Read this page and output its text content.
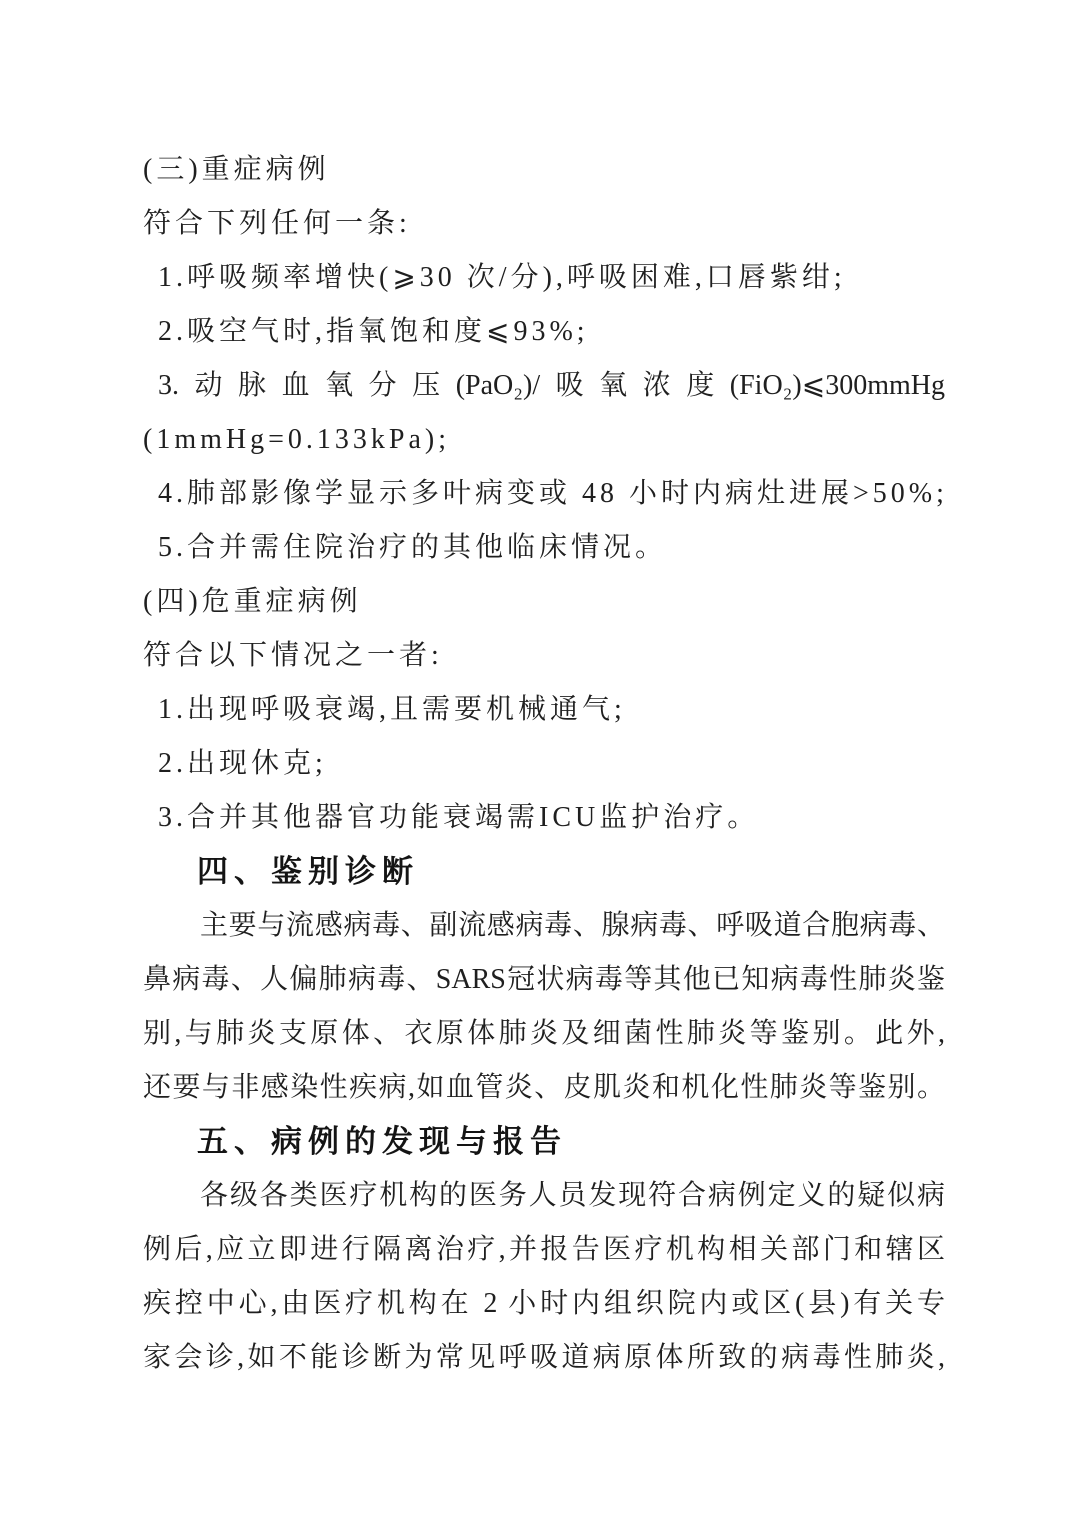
(三)重症病例
符合下列任何一条:
1.呼吸频率增快(⩾30 次/分),呼吸困难,口唇紫绀;
2.吸空气时,指氧饱和度⩽93%;
3.动脉血氧分压(PaO₂)/吸氧浓度(FiO₂)⩽300mmHg
(1mmHg=0.133kPa);
4.肺部影像学显示多叶病变或 48 小时内病灶进展>50%;
5.合并需住院治疗的其他临床情况。
(四)危重症病例
符合以下情况之一者:
1.出现呼吸衰竭,且需要机械通气;
2.出现休克;
3.合并其他器官功能衰竭需ICU监护治疗。
四、鉴别诊断
主要与流感病毒、副流感病毒、腺病毒、呼吸道合胞病毒、
鼻病毒、人偏肺病毒、SARS冠状病毒等其他已知病毒性肺炎鉴
别,与肺炎支原体、衣原体肺炎及细菌性肺炎等鉴别。此外,
还要与非感染性疾病,如血管炎、皮肌炎和机化性肺炎等鉴别。
五、病例的发现与报告
各级各类医疗机构的医务人员发现符合病例定义的疑似病
例后,应立即进行隔离治疗,并报告医疗机构相关部门和辖区
疾控中心,由医疗机构在 2 小时内组织院内或区(县)有关专
家会诊,如不能诊断为常见呼吸道病原体所致的病毒性肺炎,
